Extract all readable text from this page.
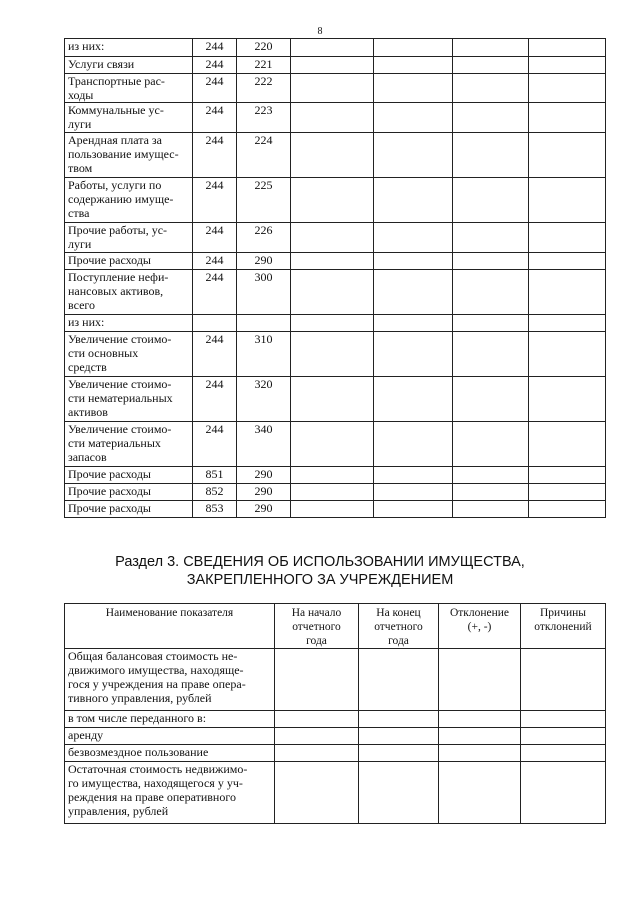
8
из них:	244	220				
Услуги связи	244	221				
Транспортные рас-
ходы	244	222				
Коммунальные ус-
луги	244	223				
Арендная плата за
пользование имущес-
твом	244	224				
Работы, услуги по
содержанию имуще-
ства	244	225				
Прочие работы, ус-
луги	244	226				
Прочие расходы	244	290				
Поступление нефи-
нансовых активов,
всего	244	300				
из них:						
Увеличение стоимо-
сти основных
средств	244	310				
Увеличение стоимо-
сти нематериальных
активов	244	320				
Увеличение стоимо-
сти материальных
запасов	244	340				
Прочие расходы	851	290				
Прочие расходы	852	290				
Прочие расходы	853	290				
Раздел 3. СВЕДЕНИЯ ОБ ИСПОЛЬЗОВАНИИ ИМУЩЕСТВА,
ЗАКРЕПЛЕННОГО ЗА УЧРЕЖДЕНИЕМ
Наименование показателя	На начало
отчетного
года	На конец
отчетного
года	Отклонение
(+, -)	Причины
отклонений
Общая балансовая стоимость не-
движимого имущества, находяще-
гося у учреждения на праве опера-
тивного управления, рублей				
в том числе переданного в:				
аренду				
безвозмездное пользование				
Остаточная стоимость недвижимо-
го имущества, находящегося у уч-
реждения на праве оперативного
управления, рублей				
